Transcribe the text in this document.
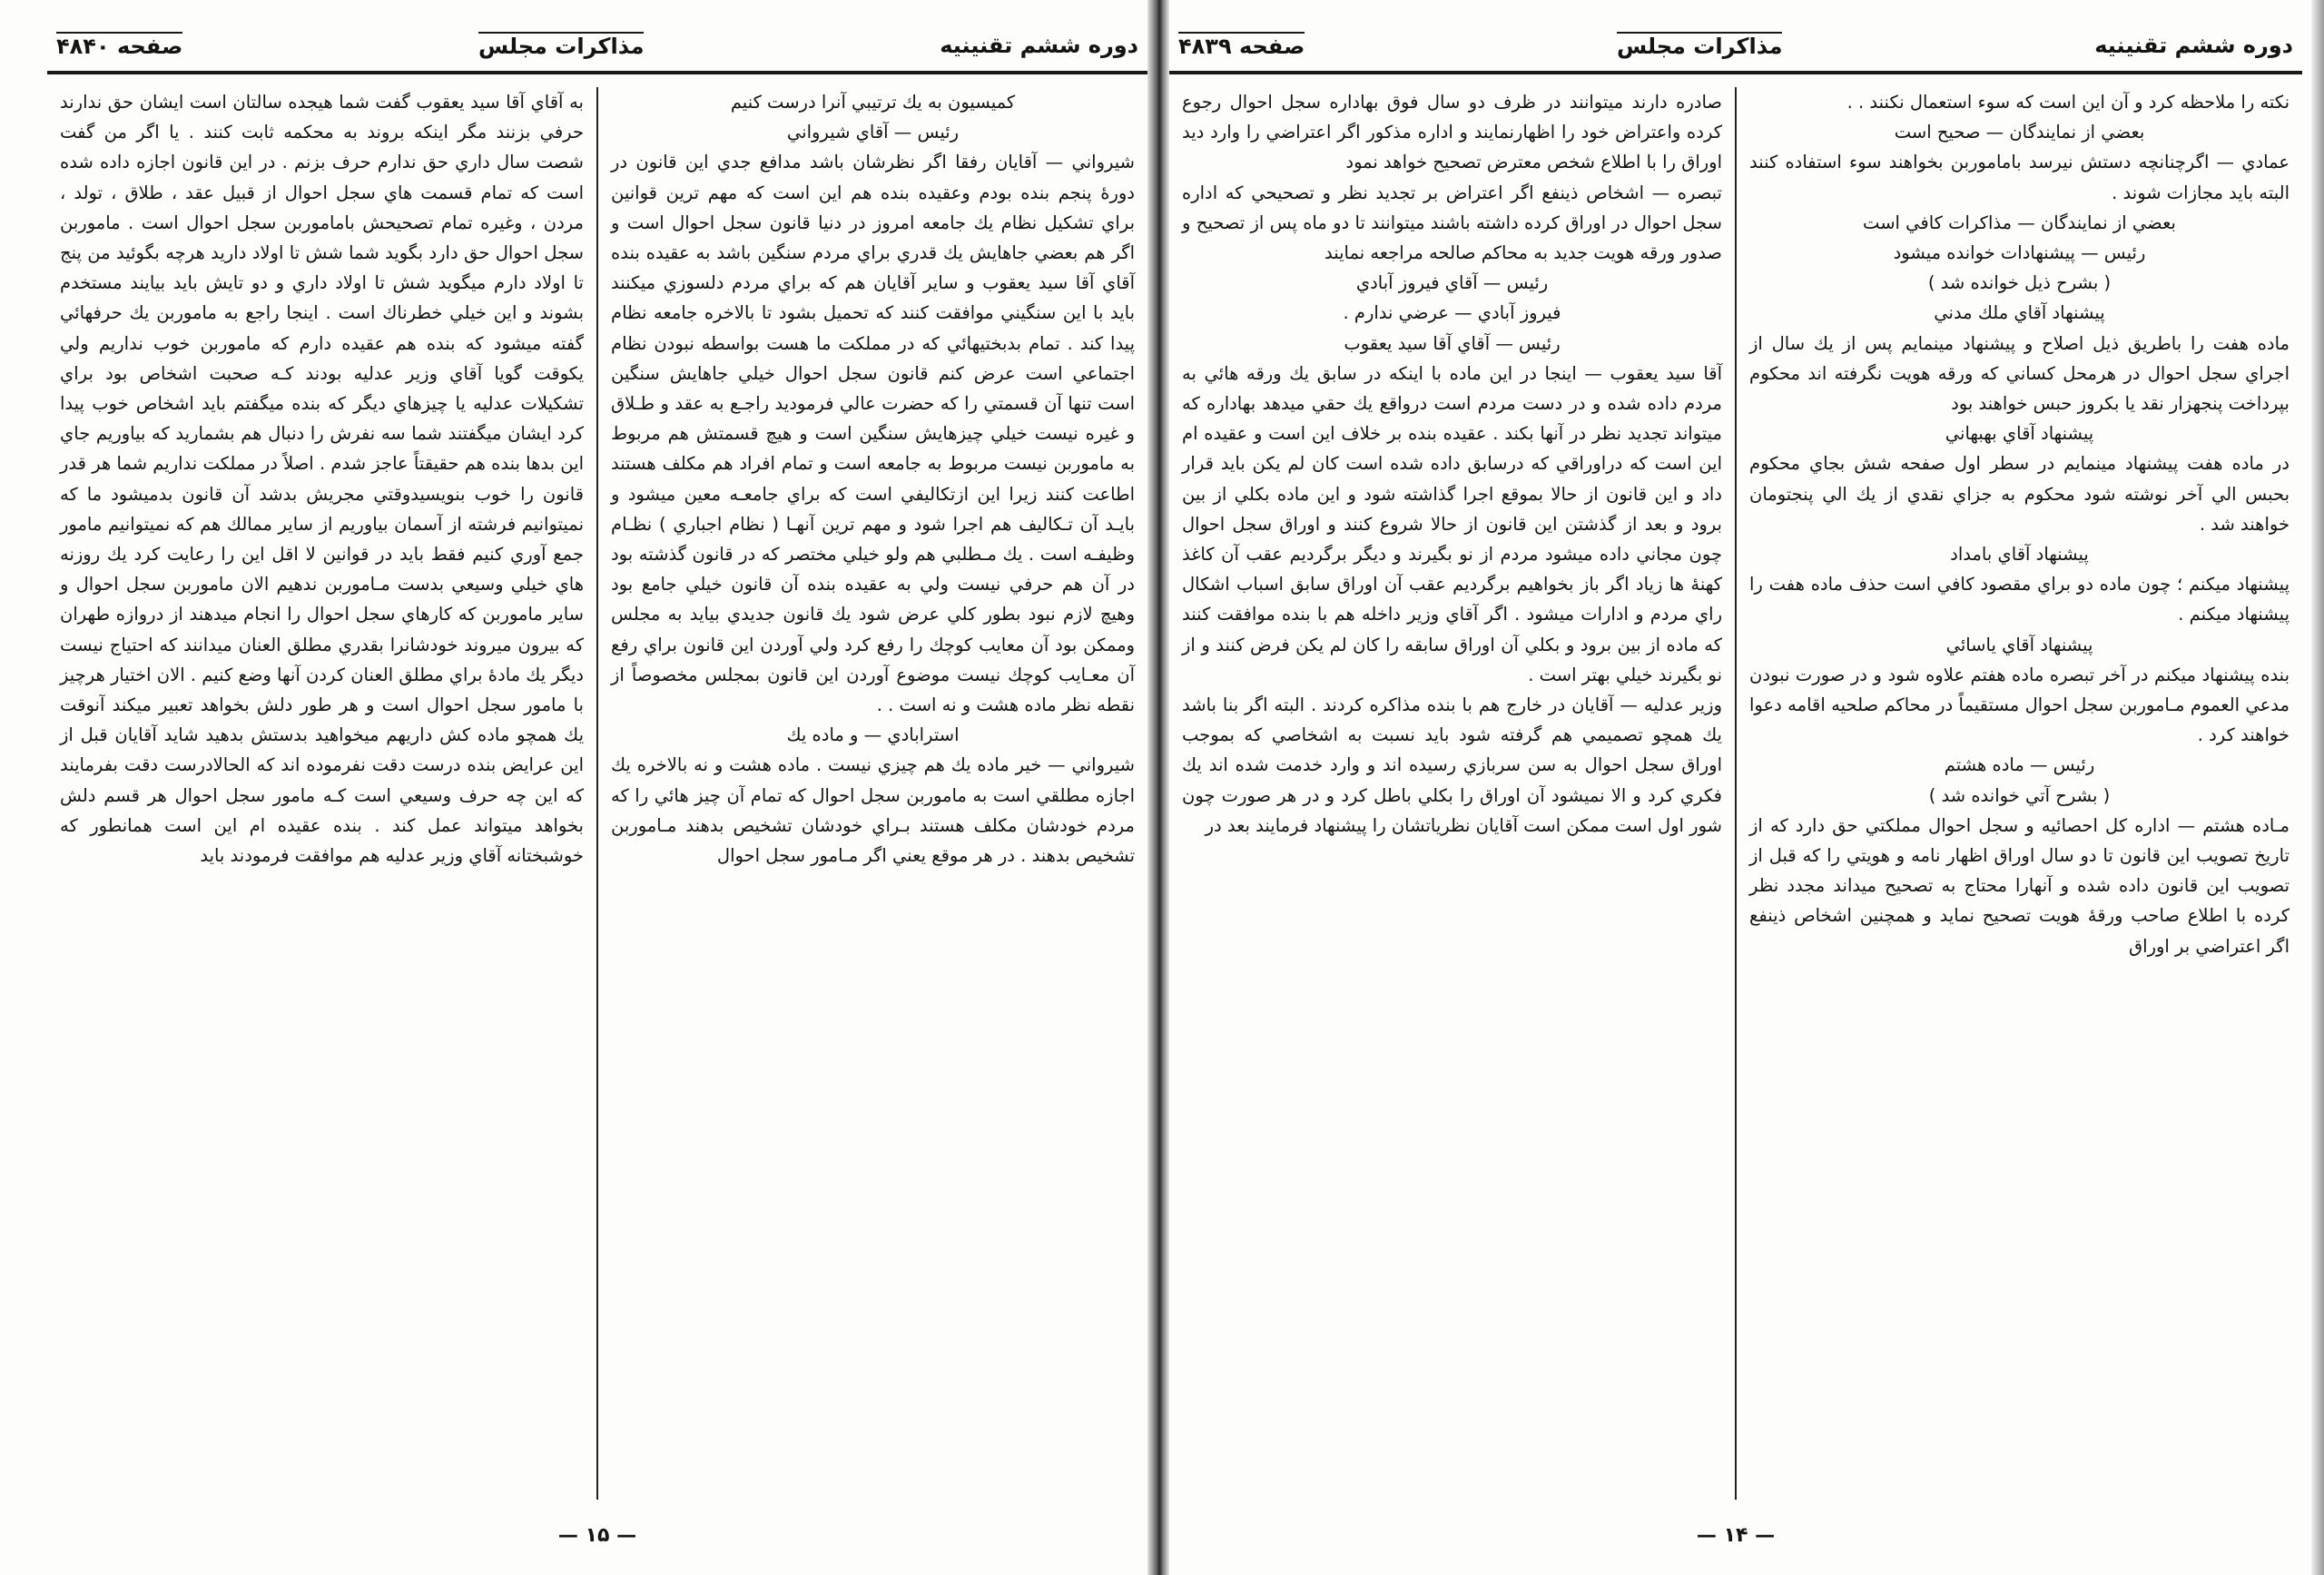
دوره ششم تقنينيه
مذاكرات مجلس
صفحه ۴۸۳۹

نكته را ملاحظه كرد و آن اين است كه سوء استعمال نكنند . .

بعضي از نمايندگان — صحيح است

عمادي — اگرچنانچه دستش نيرسد باماموربن بخواهند سوء استفاده كنند البته بايد مجازات شوند .

بعضي از نمايندگان — مذاكرات كافي است

رئيس — پيشنهادات خوانده ميشود

( بشرح ذيل خوانده شد )

پيشنهاد آقاي ملك مدني

ماده هفت را باطريق ذيل اصلاح و پيشنهاد مينمايم پس از يك سال از اجراي سجل احوال در هرمحل كساني كه ورقه هويت نگرفته اند محكوم بپرداخت پنجهزار نقد يا بكروز حبس خواهند بود

پيشنهاد آقاي بهبهاني

در ماده هفت پيشنهاد مينمايم در سطر اول صفحه شش بجاي محكوم بحبس الي آخر نوشته شود محكوم به جزاي نقدي از يك الي پنجتومان خواهند شد .

پيشنهاد آقاي بامداد

پيشنهاد ميكنم ؛ چون ماده دو براي مقصود كافي است حذف ماده هفت را پيشنهاد ميكنم .

پيشنهاد آقاي ياسائي

بنده پيشنهاد ميكنم در آخر تبصره ماده هفتم علاوه شود و در صورت نبودن مدعي العموم مـاموربن سجل احوال مستقيماً در محاكم صلحيه اقامه دعوا خواهند كرد .

رئيس — ماده هشتم

( بشرح آتي خوانده شد )

مـاده هشتم — اداره كل احصائيه و سجل احوال مملكتي حق دارد كه از تاريخ تصويب اين قانون تا دو سال اوراق اظهار نامه و هويتي را كه قبل از تصويب اين قانون داده شده و آنهارا محتاج به تصحيح ميداند مجدد نظر كرده با اطلاع صاحب ورقهٔ هويت تصحيح نمايد و همچنين اشخاص ذينفع اگر اعتراضي بر اوراق

صادره دارند ميتوانند در ظرف دو سال فوق بهاداره سجل احوال رجوع كرده واعتراض خود را اظهارنمايند و اداره مذكور اگر اعتراضي را وارد ديد اوراق را با اطلاع شخص معترض تصحيح خواهد نمود

تبصره — اشخاص ذينفع اگر اعتراض بر تجديد نظر و تصحيحي كه اداره سجل احوال در اوراق كرده داشته باشند ميتوانند تا دو ماه پس از تصحيح و صدور ورقه هويت جديد به محاكم صالحه مراجعه نمايند

رئيس — آقاي فيروز آبادي

فيروز آبادي — عرضي ندارم .

رئيس — آقاي آقا سيد يعقوب

آقا سيد يعقوب — اينجا در اين ماده با اينكه در سابق يك ورقه هائي به مردم داده شده و در دست مردم است درواقع يك حقي ميدهد بهاداره كه ميتواند تجديد نظر در آنها بكند . عقيده بنده بر خلاف اين است و عقيده ام اين است كه دراوراقي كه درسابق داده شده است كان لم يكن بايد قرار داد و اين قانون از حالا بموقع اجرا گذاشته شود و اين ماده بكلي از بين برود و بعد از گذشتن اين قانون از حالا شروع كنند و اوراق سجل احوال چون مجاني داده ميشود مردم از نو بگيرند و ديگر برگرديم عقب آن كاغذ كهنهٔ ها زياد اگر باز بخواهيم برگرديم عقب آن اوراق سابق اسباب اشكال راي مردم و ادارات ميشود . اگر آقاي وزير داخله هم با بنده موافقت كنند كه ماده از بين برود و بكلي آن اوراق سابقه را كان لم يكن فرض كنند و از نو بگيرند خيلي بهتر است .

وزير عدليه — آقايان در خارج هم با بنده مذاكره كردند . البته اگر بنا باشد يك همچو تصميمي هم گرفته شود بايد نسبت به اشخاصي كه بموجب اوراق سجل احوال به سن سربازي رسيده اند و وارد خدمت شده اند يك فكري كرد و الا نميشود آن اوراق را بكلي باطل كرد و در هر صورت چون شور اول است ممكن است آقايان نظرياتشان را پيشنهاد فرمايند بعد در

— ۱۴ —
دوره ششم تقنينيه
مذاكرات مجلس
صفحه ۴۸۴۰

كميسيون به يك ترتيبي آنرا درست كنيم

رئيس — آقاي شيرواني

شيرواني — آقايان رفقا اگر نظرشان باشد مدافع جدي اين قانون در دورهٔ پنجم بنده بودم وعقيده بنده هم اين است كه مهم ترين قوانين براي تشكيل نظام يك جامعه امروز در دنيا قانون سجل احوال است و اگر هم بعضي جاهايش يك قدري براي مردم سنگين باشد به عقيده بنده آقاي آقا سيد يعقوب و ساير آقايان هم كه براي مردم دلسوزي ميكنند بايد با اين سنگيني موافقت كنند كه تحميل بشود تا بالاخره جامعه نظام پيدا كند . تمام بدبختيهائي كه در مملكت ما هست بواسطه نبودن نظام اجتماعي است عرض كنم قانون سجل احوال خيلي جاهايش سنگين است تنها آن قسمتي را كه حضرت عالي فرموديد راجـع به عقد و طـلاق و غيره نيست خيلي چيزهايش سنگين است و هيچ قسمتش هم مربوط به ماموربن نيست مربوط به جامعه است و تمام افراد هم مكلف هستند اطاعت كنند زيرا اين ازتكاليفي است كه براي جامعـه معين ميشود و بايـد آن تـكاليف هم اجرا شود و مهم ترين آنهـا ( نظام اجباري ) نظـام وظيفـه است . يك مـطلبي هم ولو خيلي مختصر كه در قانون گذشته بود در آن هم حرفي نيست ولي به عقيده بنده آن قانون خيلي جامع بود وهيچ لازم نبود بطور كلي عرض شود يك قانون جديدي بيايد به مجلس وممكن بود آن معايب كوچك را رفع كرد ولي آوردن اين قانون براي رفع آن معـايب كوچك نيست موضوع آوردن اين قانون بمجلس مخصوصاً از نقطه نظر ماده هشت و نه است . .

استرابادي — و ماده يك

شيرواني — خير ماده يك هم چيزي نيست . ماده هشت و نه بالاخره يك اجازه مطلقي است به ماموربن سجل احوال كه تمام آن چيز هائي را كه مردم خودشان مكلف هستند بـراي خودشان تشخيص بدهند مـاموربن تشخيص بدهند . در هر موقع يعني اگر مـامور سجل احوال

به آقاي آقا سيد يعقوب گفت شما هيجده سالتان است ايشان حق ندارند حرفي بزنند مگر اينكه بروند به محكمه ثابت كنند . يا اگر من گفت شصت سال داري حق ندارم حرف بزنم . در اين قانون اجازه داده شده است كه تمام قسمت هاي سجل احوال از قبيل عقد ، طلاق ، تولد ، مردن ، وغيره تمام تصحيحش باماموربن سجل احوال است . ماموربن سجل احوال حق دارد بگويد شما شش تا اولاد داريد هرچه بگوئيد من پنج تا اولاد دارم ميگويد شش تا اولاد داري و دو تايش بايد بيايند مستخدم بشوند و اين خيلي خطرناك است . اينجا راجع به ماموربن يك حرفهائي گفته ميشود كه بنده هم عقيده دارم كه ماموربن خوب نداريم ولي يكوقت گويا آقاي وزير عدليه بودند كـه صحبت اشخاص بود براي تشكيلات عدليه يا چيزهاي ديگر كه بنده ميگفتم بايد اشخاص خوب پيدا كرد ايشان ميگفتند شما سه نفرش را دنبال هم بشماريد كه بياوريم جاي اين بدها بنده هم حقيقتاً عاجز شدم . اصلاً در مملكت نداريم شما هر قدر قانون را خوب بنويسيدوقتي مجريش بدشد آن قانون بدميشود ما كه نميتوانيم فرشته از آسمان بياوريم از ساير ممالك هم كه نميتوانيم مامور جمع آوري كنيم فقط بايد در قوانين لا اقل اين را رعايت كرد يك روزنه هاي خيلي وسيعي بدست مـاموربن ندهيم الان ماموربن سجل احوال و ساير ماموربن كه كارهاي سجل احوال را انجام ميدهند از دروازه طهران كه بيرون ميروند خودشانرا بقدري مطلق العنان ميدانند كه احتياج نيست ديگر يك مادهٔ براي مطلق العنان كردن آنها وضع كنيم . الان اختيار هرچيز با مامور سجل احوال است و هر طور دلش بخواهد تعبير ميكند آنوقت يك همچو ماده كش داريهم ميخواهيد بدستش بدهيد شايد آقايان قبل از اين عرايض بنده درست دقت نفرموده اند كه الحالادرست دقت بفرمايند كه اين چه حرف وسيعي است كـه مامور سجل احوال هر قسم دلش بخواهد ميتواند عمل كند . بنده عقيده ام اين است همانطور كه خوشبختانه آقاي وزير عدليه هم موافقت فرمودند بايد

— ۱۵ —
